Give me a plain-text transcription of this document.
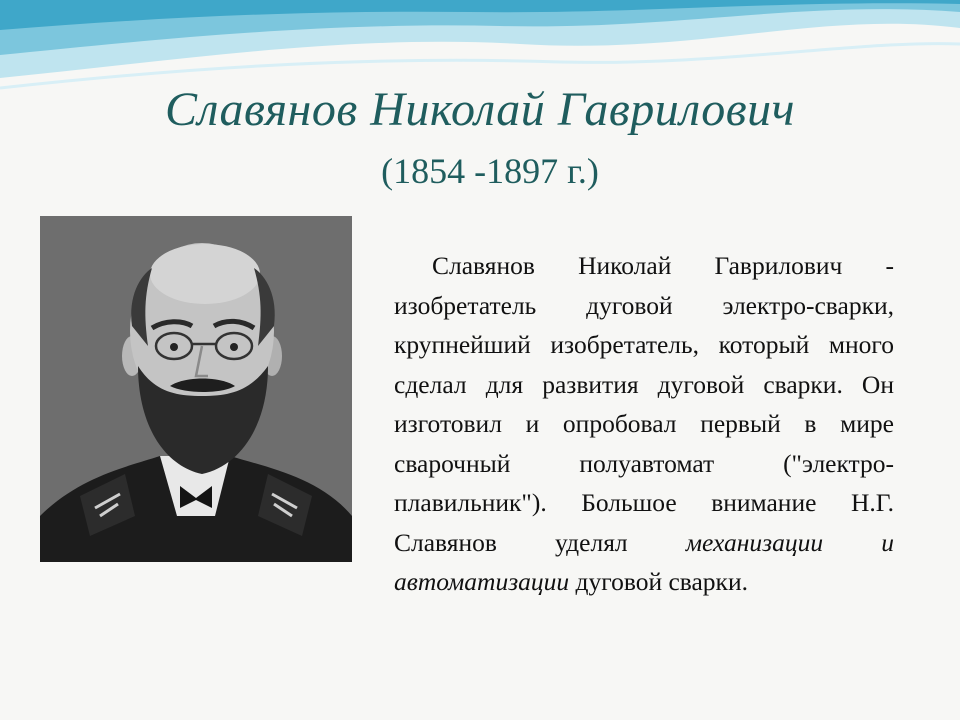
Славянов Николай Гаврилович
(1854 -1897 г.)
Славянов Николай Гаврилович - изобретатель дуговой электро-сварки, крупнейший изобретатель, который много сделал для развития дуговой сварки. Он изготовил и опробовал первый в мире сварочный полуавтомат ("электро-плавильник"). Большое внимание Н.Г. Славянов уделял механизации и автоматизации дуговой сварки.
